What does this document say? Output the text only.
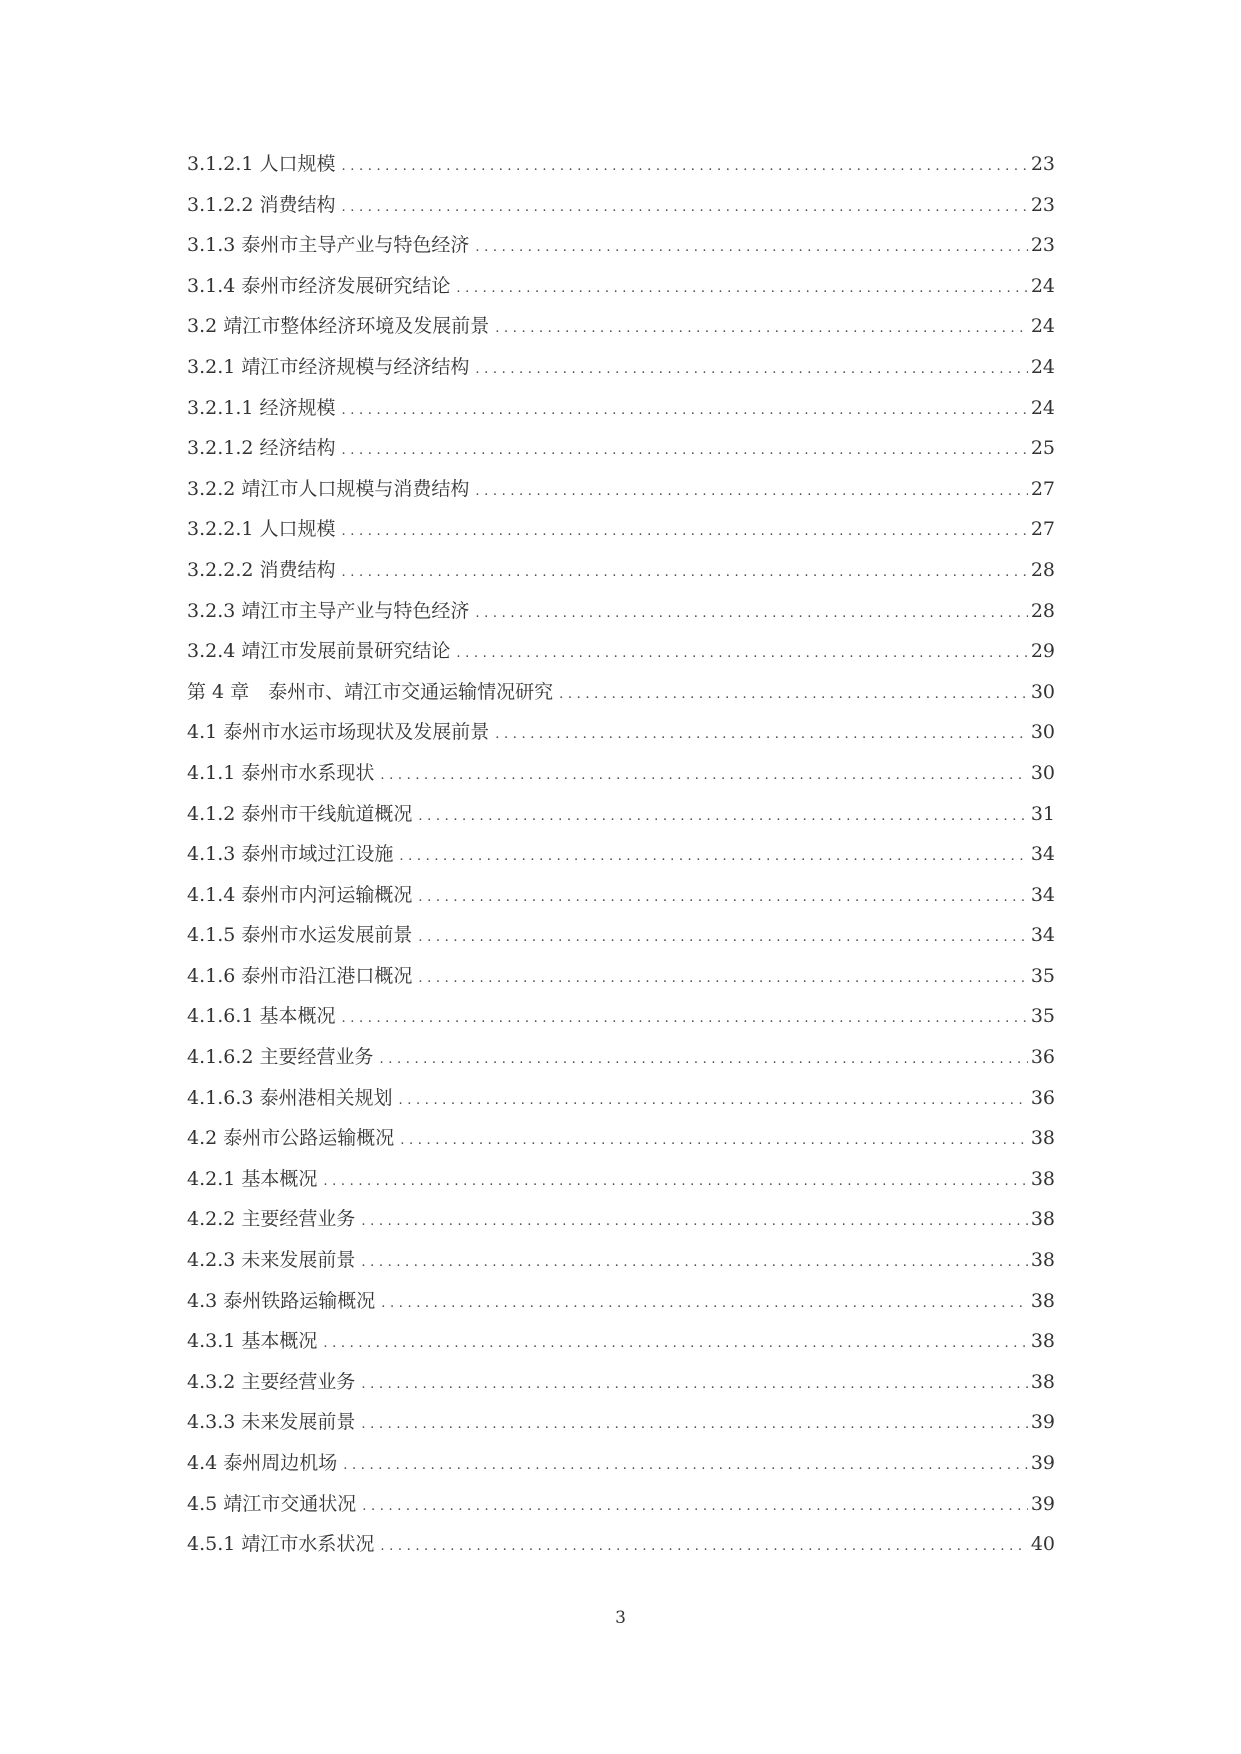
3.1.2.1 人口规模 .....	23
3.1.2.2 消费结构 .....	23
3.1.3 泰州市主导产业与特色经济 .....	23
3.1.4 泰州市经济发展研究结论 .....	24
3.2 靖江市整体经济环境及发展前景 .....	24
3.2.1 靖江市经济规模与经济结构 .....	24
3.2.1.1 经济规模 .....	24
3.2.1.2 经济结构 .....	25
3.2.2 靖江市人口规模与消费结构 .....	27
3.2.2.1 人口规模 .....	27
3.2.2.2 消费结构 .....	28
3.2.3 靖江市主导产业与特色经济 .....	28
3.2.4 靖江市发展前景研究结论 .....	29
第 4 章　泰州市、靖江市交通运输情况研究 .....	30
4.1 泰州市水运市场现状及发展前景 .....	30
4.1.1 泰州市水系现状 .....	30
4.1.2 泰州市干线航道概况 .....	31
4.1.3 泰州市域过江设施 .....	34
4.1.4 泰州市内河运输概况 .....	34
4.1.5 泰州市水运发展前景 .....	34
4.1.6 泰州市沿江港口概况 .....	35
4.1.6.1 基本概况 .....	35
4.1.6.2 主要经营业务 .....	36
4.1.6.3 泰州港相关规划 .....	36
4.2 泰州市公路运输概况 .....	38
4.2.1 基本概况 .....	38
4.2.2 主要经营业务 .....	38
4.2.3 未来发展前景 .....	38
4.3 泰州铁路运输概况 .....	38
4.3.1 基本概况 .....	38
4.3.2 主要经营业务 .....	38
4.3.3 未来发展前景 .....	39
4.4 泰州周边机场 .....	39
4.5 靖江市交通状况 .....	39
4.5.1 靖江市水系状况 .....	40
3
